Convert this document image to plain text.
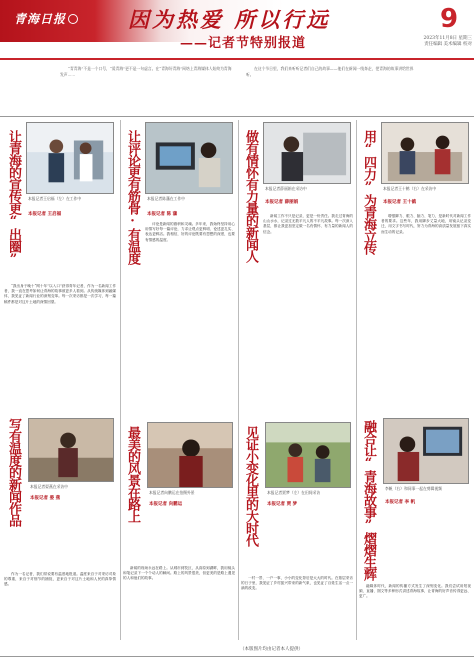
青海日报	因为热爱 所以行远
——记者节特别报道
9
2023年11月8日 星期三
责任编辑 美术编辑 校对

“青青海”不是一个口号，“爱青海”更不是一句虚言。在“青海好青海”网络上青海媒体人始终为青海发声……

在这个节日里，我们来听听记者们自己的故事——他们在新闻一线奔走，把青海的故事讲给世界听。

让青海的宣传更“出圈” 本报记者王启福（左）在工作中
本报记者 王启福

“我出身于晚十“网十年”以入口”获得青年记者，作为一名新闻工作者，我一直在思考如何让青海的故事被更多人看到。从传统媒体到融媒体，我见证了新闻行业的深刻变革。每一次采访都是一次学习，每一篇稿件都是对这片土地的深情回望。

写有温度的新闻作品 本报记者晏燕在采访中
本报记者 晏 燕

作为一名记者，我们常说要有温度地报道。温度来自于对采访对象的尊重，来自于对细节的捕捉，更来自于对这片土地和人民的真挚情感。

让评论更有筋骨·有温度 本报记者陈藩在工作中
本报记者 陈 藩

评论是新闻的旗帜和灵魂。多年来，我始终坚持用心用情写好每一篇评论，力求让观点更鲜明、论述更扎实、表达更鲜活。我相信，好的评论既要有思想的深度，也要有情感的温度。

最美的风景在路上 本报记者向鹏运在拍摄外景
本报记者 向鹏运

新闻的现场永远在路上。从城市到牧区，从高原到湖畔，我用镜头和笔记录下一个个动人的瞬间。路上的风景很美，但更美的是路上遇见的人和他们的故事。

做有情怀有力量的新闻人 本报记者薛丽娟在采访中
本报记者 薛丽娟

新闻工作不只是记录，更是一份责任。我走过青海的山山水水，记录过无数平凡人的不平凡故事。每一次深入基层，都让我更加坚定做一名有情怀、有力量的新闻人的信念。

见证小变化里的大时代 本报记者贾梦（左）在田间采访
本报记者 贾 梦

一村一景、一户一事，小小的变化背后是大大的时代。在基层采访的日子里，我见证了乡村振兴带来的新气象，也见证了百姓生活一点一滴的改变。

用“四力”为青海立传 本报记者王十鹤（右）在采访中
本报记者 王十鹤

增强脚力、眼力、脑力、笔力，是新时代对新闻工作者的要求。这些年，我用脚步丈量大地，用镜头记录变迁，用文字书写时代，努力为青海的高质量发展留下真实而生动的记录。

融合让“青海故事”熠熠生辉 李帆（右）和同事一起在剪辑视频
本报记者 李 帆

融媒体时代，新闻的传播方式发生了深刻变化。我们尝试用短视频、直播、图文等多种形式讲述青海故事，让青海的好声音传得更远、更广。

（本版图片均由记者本人提供）
